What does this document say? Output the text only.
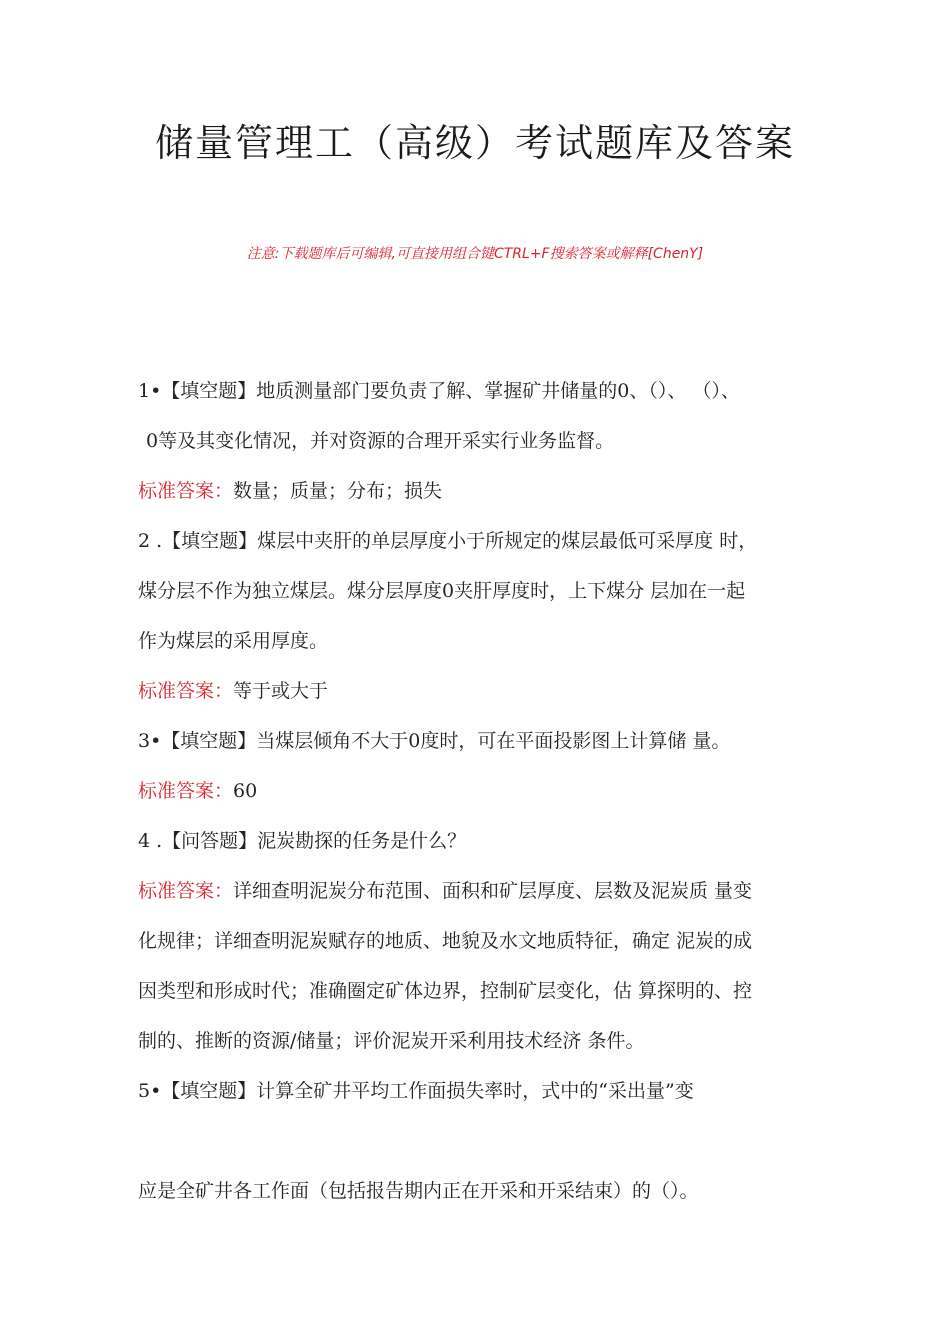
储量管理工（高级）考试题库及答案
注意:下载题库后可编辑,可直接用组合键CTRL+F搜索答案或解释[ChenY]
1•【填空题】地质测量部门要负责了解、掌握矿井储量的0、（）、 （）、
0等及其变化情况，并对资源的合理开采实行业务监督。
标准答案：数量；质量；分布；损失
2 .【填空题】煤层中夹肝的单层厚度小于所规定的煤层最低可采厚度 时，
煤分层不作为独立煤层。煤分层厚度0夹肝厚度时，上下煤分 层加在一起
作为煤层的采用厚度。
标准答案：等于或大于
3•【填空题】当煤层倾角不大于0度时，可在平面投影图上计算储 量。
标准答案：60
4 .【问答题】泥炭勘探的任务是什么？
标准答案：详细查明泥炭分布范围、面积和矿层厚度、层数及泥炭质 量变
化规律；详细查明泥炭赋存的地质、地貌及水文地质特征，确定 泥炭的成
因类型和形成时代；准确圈定矿体边界，控制矿层变化，估 算探明的、控
制的、推断的资源/储量；评价泥炭开采利用技术经济 条件。
5•【填空题】计算全矿井平均工作面损失率时，式中的“采出量”变
应是全矿井各工作面（包括报告期内正在开采和开采结束）的（）。
